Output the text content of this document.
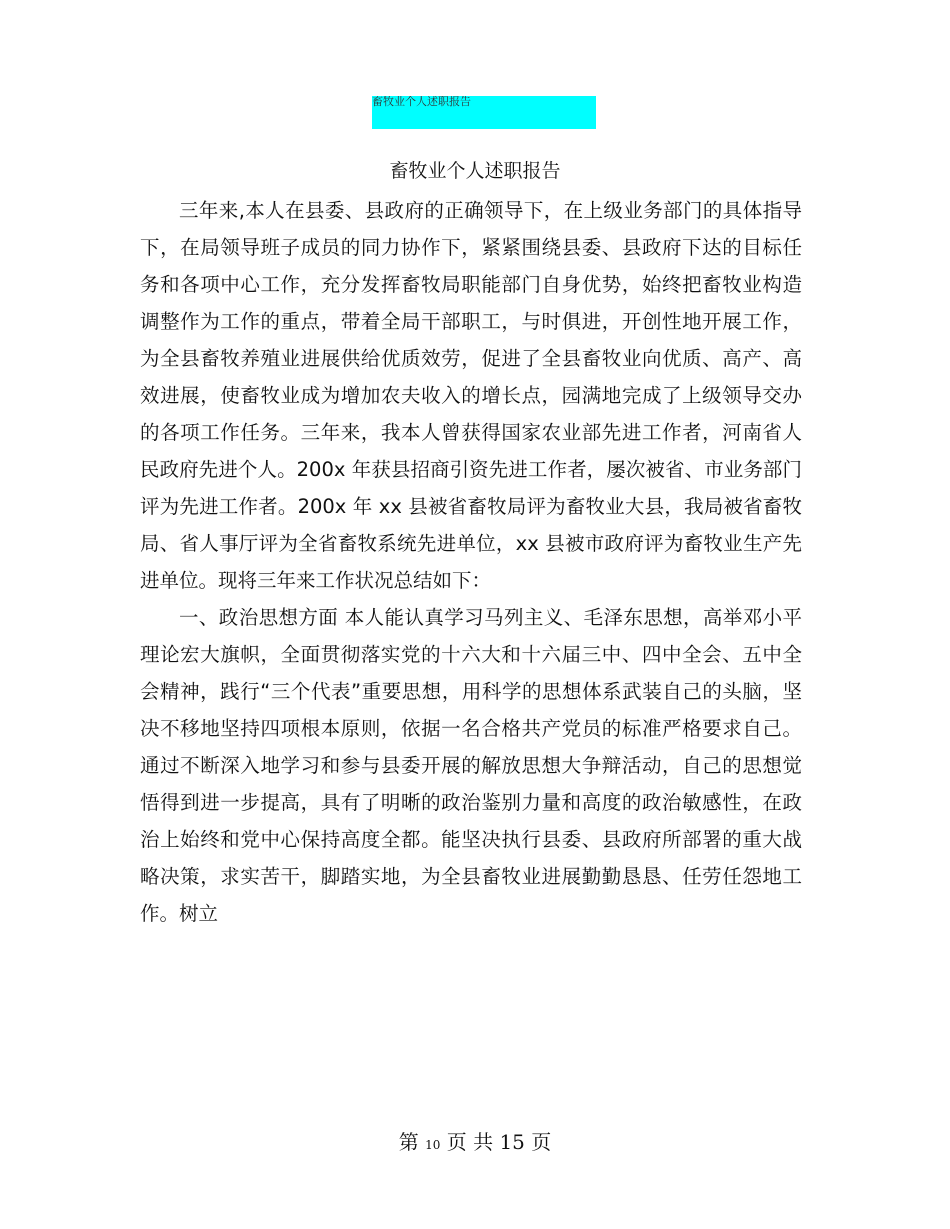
畜牧业个人述职报告
畜牧业个人述职报告

三年来,本人在县委、县政府的正确领导下，在上级业务部门的具体指导下，在局领导班子成员的同力协作下，紧紧围绕县委、县政府下达的目标任务和各项中心工作，充分发挥畜牧局职能部门自身优势，始终把畜牧业构造调整作为工作的重点，带着全局干部职工，与时俱进，开创性地开展工作，为全县畜牧养殖业进展供给优质效劳，促进了全县畜牧业向优质、高产、高效进展，使畜牧业成为增加农夫收入的增长点，园满地完成了上级领导交办的各项工作任务。三年来，我本人曾获得国家农业部先进工作者，河南省人民政府先进个人。200x 年获县招商引资先进工作者，屡次被省、市业务部门评为先进工作者。200x 年 xx 县被省畜牧局评为畜牧业大县，我局被省畜牧局、省人事厅评为全省畜牧系统先进单位，xx 县被市政府评为畜牧业生产先进单位。现将三年来工作状况总结如下：

一、政治思想方面 本人能认真学习马列主义、毛泽东思想，高举邓小平理论宏大旗帜，全面贯彻落实党的十六大和十六届三中、四中全会、五中全会精神，践行“三个代表”重要思想，用科学的思想体系武装自己的头脑，坚决不移地坚持四项根本原则，依据一名合格共产党员的标准严格要求自己。通过不断深入地学习和参与县委开展的解放思想大争辩活动，自己的思想觉悟得到进一步提高，具有了明晰的政治鉴别力量和高度的政治敏感性，在政治上始终和党中心保持高度全都。能坚决执行县委、县政府所部署的重大战略决策，求实苦干，脚踏实地，为全县畜牧业进展勤勤恳恳、任劳任怨地工作。树立

第 10 页 共 15 页
